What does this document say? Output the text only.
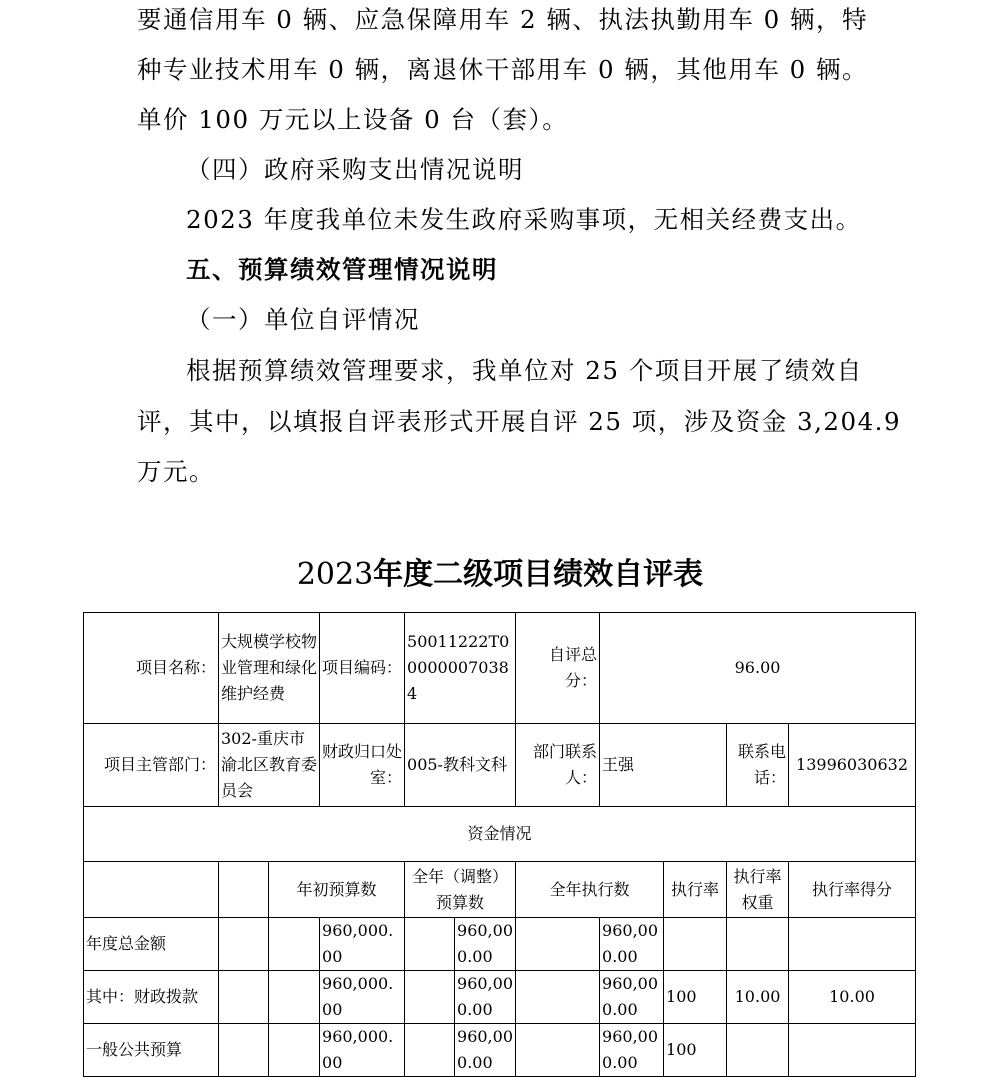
要通信用车 0 辆、应急保障用车 2 辆、执法执勤用车 0 辆，特
种专业技术用车 0 辆，离退休干部用车 0 辆，其他用车 0 辆。
单价 100 万元以上设备 0 台（套）。
（四）政府采购支出情况说明
2023 年度我单位未发生政府采购事项，无相关经费支出。
五、预算绩效管理情况说明
（一）单位自评情况
根据预算绩效管理要求，我单位对 25 个项目开展了绩效自
评，其中，以填报自评表形式开展自评 25 项，涉及资金 3,204.9
万元。
2023年度二级项目绩效自评表
项目名称：	大规模学校物业管理和绿化维护经费		项目编码：	50011222T000000070384		自评总分：	96.00			
项目主管部门：	302-重庆市渝北区教育委员会		财政归口处室：	005-教科文科		部门联系人：	王强		联系电话：	13996030632
资金情况										
		年初预算数		全年（调整）预算数		全年执行数		执行率	执行率权重	执行率得分
年度总金额			960,000.00		960,000.00		960,000.00			
其中：财政拨款			960,000.00		960,000.00		960,000.00	100	10.00	10.00
一般公共预算			960,000.00		960,000.00		960,000.00	100		
